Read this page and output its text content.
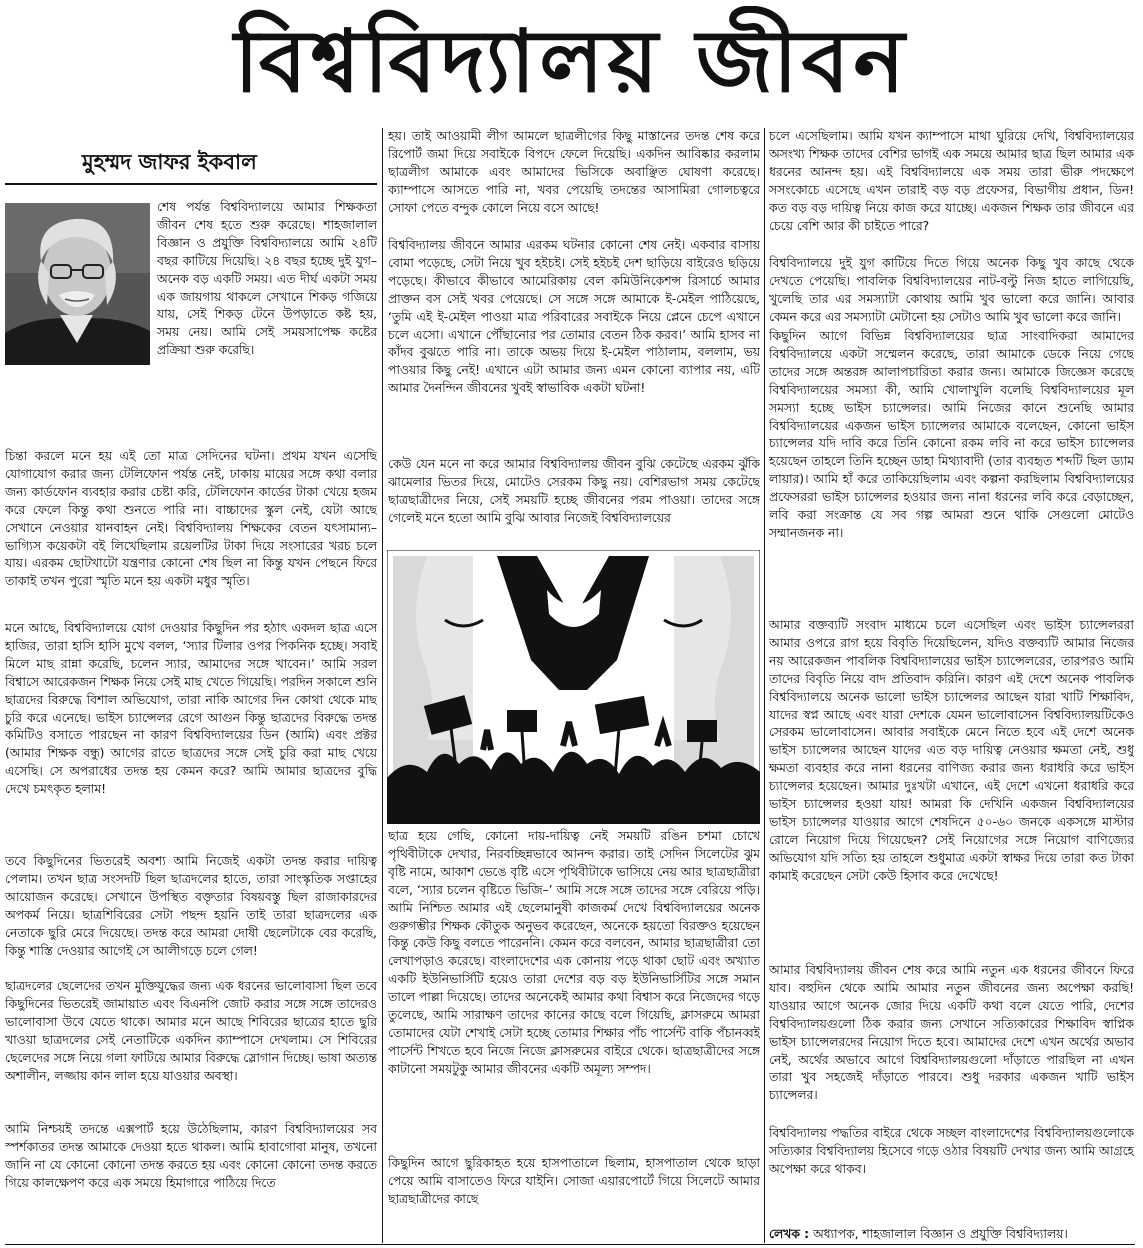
বিশ্ববিদ্যালয় জীবন
মুহম্মদ জাফর ইকবাল
শেষ পর্যন্ত বিশ্ববিদ্যালয়ে আমার শিক্ষকতা জীবন শেষ হতে শুরু করেছে। শাহজালাল বিজ্ঞান ও প্রযুক্তি বিশ্ববিদ্যালয়ে আমি ২৪টি বছর কাটিয়ে দিয়েছি। ২৪ বছর হচ্ছে দুই যুগ– অনেক বড় একটি সময়। এত দীর্ঘ একটা সময় এক জায়গায় থাকলে সেখানে শিকড় গজিয়ে যায়, সেই শিকড় টেনে উপড়াতে কষ্ট হয়, সময় নেয়। আমি সেই সময়সাপেক্ষ কষ্টের প্রক্রিয়া শুরু করেছি।
চিন্তা করলে মনে হয় এই তো মাত্র সেদিনের ঘটনা। প্রথম যখন এসেছি যোগাযোগ করার জন্য টেলিফোন পর্যন্ত নেই, ঢাকায় মায়ের সঙ্গে কথা বলার জন্য কার্ডফোন ব্যবহার করার চেষ্টা করি, টেলিফোন কার্ডের টাকা খেয়ে হজম করে ফেলে কিন্তু কথা শুনতে পারি না। বাচ্চাদের স্কুল নেই, যেটা আছে সেখানে নেওয়ার যানবাহন নেই। বিশ্ববিদ্যালয় শিক্ষকের বেতন যৎসামান্য– ভাগ্যিস কয়েকটা বই লিখেছিলাম রয়েলটির টাকা দিয়ে সংসারের খরচ চলে যায়। এরকম ছোটখাটো যন্ত্রণার কোনো শেষ ছিল না কিন্তু যখন পেছনে ফিরে তাকাই তখন পুরো স্মৃতি মনে হয় একটা মধুর স্মৃতি।
মনে আছে, বিশ্ববিদ্যালয়ে যোগ দেওয়ার কিছুদিন পর হঠাৎ একদল ছাত্র এসে হাজির, তারা হাসি হাসি মুখে বলল, ‘স্যার টিলার ওপর পিকনিক হচ্ছে। সবাই মিলে মাছ রান্না করেছি, চলেন স্যার, আমাদের সঙ্গে খাবেন।’ আমি সরল বিশ্বাসে আরেকজন শিক্ষক নিয়ে সেই মাছ খেতে গিয়েছি। পরদিন সকালে শুনি ছাত্রদের বিরুদ্ধে বিশাল অভিযোগ, তারা নাকি আগের দিন কোথা থেকে মাছ চুরি করে এনেছে। ভাইস চ্যান্সেলর রেগে আগুন কিন্তু ছাত্রদের বিরুদ্ধে তদন্ত কমিটিও বসাতে পারছেন না কারণ বিশ্ববিদ্যালয়ের ডিন (আমি) এবং প্রক্টর (আমার শিক্ষক বন্ধু) আগের রাতে ছাত্রদের সঙ্গে সেই চুরি করা মাছ খেয়ে এসেছি। সে অপরাধের তদন্ত হয় কেমন করে? আমি আমার ছাত্রদের বুদ্ধি দেখে চমৎকৃত হলাম!
তবে কিছুদিনের ভিতরেই অবশ্য আমি নিজেই একটা তদন্ত করার দায়িত্ব পেলাম। তখন ছাত্র সংসদটি ছিল ছাত্রদলের হাতে, তারা সাংস্কৃতিক সপ্তাহের আয়োজন করেছে। সেখানে উপস্থিত বক্তৃতার বিষয়বস্তু ছিল রাজাকারদের অপকর্ম নিয়ে। ছাত্রশিবিরের সেটা পছন্দ হয়নি তাই তারা ছাত্রদলের এক নেতাকে ছুরি মেরে দিয়েছে। তদন্ত করে আমরা দোষী ছেলেটাকে বের করেছি, কিন্তু শাস্তি দেওয়ার আগেই সে আলীগড়ে চলে গেল!
ছাত্রদলের ছেলেদের তখন মুক্তিযুদ্ধের জন্য এক ধরনের ভালোবাসা ছিল তবে কিছুদিনের ভিতরেই জামায়াত এবং বিএনপি জোট করার সঙ্গে সঙ্গে তাদেরও ভালোবাসা উবে যেতে থাকে। আমার মনে আছে শিবিরের ছাত্রের হাতে ছুরি খাওয়া ছাত্রদলের সেই নেতাটিকে একদিন ক্যাম্পাসে দেখলাম। সে শিবিরের ছেলেদের সঙ্গে নিয়ে গলা ফাটিয়ে আমার বিরুদ্ধে স্লোগান দিচ্ছে। ভাষা অত্যন্ত অশালীন, লজ্জায় কান লাল হয়ে যাওয়ার অবস্থা।
আমি নিশ্চয়ই তদন্তে এক্সপার্ট হয়ে উঠেছিলাম, কারণ বিশ্ববিদ্যালয়ের সব স্পর্শকাতর তদন্ত আমাকে দেওয়া হতে থাকল। আমি হাবাগোবা মানুষ, তখনো জানি না যে কোনো কোনো তদন্ত করতে হয় এবং কোনো কোনো তদন্ত করতে গিয়ে কালক্ষেপণ করে এক সময়ে হিমাগারে পাঠিয়ে দিতে
হয়। তাই আওয়ামী লীগ আমলে ছাত্রলীগের কিছু মাস্তানের তদন্ত শেষ করে রিপোর্ট জমা দিয়ে সবাইকে বিপদে ফেলে দিয়েছি। একদিন আবিষ্কার করলাম ছাত্রলীগ আমাকে এবং আমাদের ভিসিকে অবাঞ্ছিত ঘোষণা করেছে। ক্যাম্পাসে আসতে পারি না, খবর পেয়েছি তদন্তের আসামিরা গোলচত্বরে সোফা পেতে বন্দুক কোলে নিয়ে বসে আছে!
বিশ্ববিদ্যালয় জীবনে আমার এরকম ঘটনার কোনো শেষ নেই। একবার বাসায় বোমা পড়েছে, সেটা নিয়ে খুব হইচই। সেই হইচই দেশ ছাড়িয়ে বাইরেও ছড়িয়ে পড়েছে। কীভাবে কীভাবে আমেরিকায় বেল কমিউনিকেশন্স রিসার্চে আমার প্রাক্তন বস সেই খবর পেয়েছে। সে সঙ্গে সঙ্গে আমাকে ই-মেইল পাঠিয়েছে, ‘তুমি এই ই-মেইল পাওয়া মাত্র পরিবারের সবাইকে নিয়ে প্লেনে চেপে এখানে চলে এসো। এখানে পৌঁছানোর পর তোমার বেতন ঠিক করব।’ আমি হাসব না কাঁদব বুঝতে পারি না। তাকে অভয় দিয়ে ই-মেইল পাঠালাম, বললাম, ভয় পাওয়ার কিছু নেই! এখানে এটা আমার জন্য এমন কোনো ব্যাপার নয়, এটি আমার দৈনন্দিন জীবনের খুবই স্বাভাবিক একটা ঘটনা!
কেউ যেন মনে না করে আমার বিশ্ববিদ্যালয় জীবন বুঝি কেটেছে এরকম ঝুঁকি ঝামেলার ভিতর দিয়ে, মোটেও সেরকম কিছু নয়। বেশিরভাগ সময় কেটেছে ছাত্রছাত্রীদের নিয়ে, সেই সময়টি হচ্ছে জীবনের পরম পাওয়া। তাদের সঙ্গে গেলেই মনে হতো আমি বুঝি আবার নিজেই বিশ্ববিদ্যালয়ের
ছাত্র হয়ে গেছি, কোনো দায়-দায়িত্ব নেই সময়টি রঙিন চশমা চোখে পৃথিবীটাকে দেখার, নিরবচ্ছিন্নভাবে আনন্দ করার। তাই সেদিন সিলেটের ঝুম বৃষ্টি নামে, আকাশ ভেঙে বৃষ্টি এসে পৃথিবীটাকে ভাসিয়ে নেয় আর ছাত্রছাত্রীরা বলে, ‘স্যার চলেন বৃষ্টিতে ভিজি–’ আমি সঙ্গে সঙ্গে তাদের সঙ্গে বেরিয়ে পড়ি। আমি নিশ্চিত আমার এই ছেলেমানুষী কাজকর্ম দেখে বিশ্ববিদ্যালয়ের অনেক গুরুগম্ভীর শিক্ষক কৌতুক অনুভব করেছেন, অনেকে হয়তো বিরক্তও হয়েছেন কিন্তু কেউ কিছু বলতে পারেননি। কেমন করে বলবেন, আমার ছাত্রছাত্রীরা তো লেখাপড়াও করেছে। বাংলাদেশের এক কোনায় পড়ে থাকা ছোট এবং অখ্যাত একটি ইউনিভার্সিটি হয়েও তারা দেশের বড় বড় ইউনিভার্সিটির সঙ্গে সমান তালে পাল্লা দিয়েছে। তাদের অনেকেই আমার কথা বিশ্বাস করে নিজেদের গড়ে তুলেছে, আমি সারাক্ষণ তাদের কানের কাছে বলে গিয়েছি, ক্লাসরুমে আমরা তোমাদের যেটা শেখাই সেটা হচ্ছে তোমার শিক্ষার পাঁচ পার্সেন্ট বাকি পঁচানব্বই পার্সেন্ট শিখতে হবে নিজে নিজে ক্লাসরুমের বাইরে থেকে। ছাত্রছাত্রীদের সঙ্গে কাটানো সময়টুকু আমার জীবনের একটি অমূল্য সম্পদ।
কিছুদিন আগে ছুরিকাহত হয়ে হাসপাতালে ছিলাম, হাসপাতাল থেকে ছাড়া পেয়ে আমি বাসাতেও ফিরে যাইনি। সোজা এয়ারপোর্টে গিয়ে সিলেটে আমার ছাত্রছাত্রীদের কাছে
চলে এসেছিলাম। আমি যখন ক্যাম্পাসে মাথা ঘুরিয়ে দেখি, বিশ্ববিদ্যালয়ের অসংখ্য শিক্ষক তাদের বেশির ভাগই এক সময়ে আমার ছাত্র ছিল আমার এক ধরনের আনন্দ হয়। এই বিশ্ববিদ্যালয়ে এক সময় তারা ভীরু পদক্ষেপে সসংকোচে এসেছে এখন তারাই বড় বড় প্রফেসর, বিভাগীয় প্রধান, ডিন! কত বড় বড় দায়িত্ব নিয়ে কাজ করে যাচ্ছে। একজন শিক্ষক তার জীবনে এর চেয়ে বেশি আর কী চাইতে পারে?
বিশ্ববিদ্যালয়ে দুই যুগ কাটিয়ে দিতে গিয়ে অনেক কিছু খুব কাছে থেকে দেখতে পেয়েছি। পাবলিক বিশ্ববিদ্যালয়ের নাট-বল্টু নিজ হাতে লাগিয়েছি, খুলেছি তার এর সমস্যাটা কোথায় আমি খুব ভালো করে জানি। আবার কেমন করে এর সমস্যাটা মেটানো হয় সেটাও আমি খুব ভালো করে জানি।
কিছুদিন আগে বিভিন্ন বিশ্ববিদ্যালয়ের ছাত্র সাংবাদিকরা আমাদের বিশ্ববিদ্যালয়ে একটা সম্মেলন করেছে, তারা আমাকে ডেকে নিয়ে গেছে তাদের সঙ্গে অন্তরঙ্গ আলাপচারিতা করার জন্য। আমাকে জিজ্ঞেস করেছে বিশ্ববিদ্যালয়ের সমস্যা কী, আমি খোলাখুলি বলেছি বিশ্ববিদ্যালয়ের মূল সমস্যা হচ্ছে ভাইস চ্যান্সেলর। আমি নিজের কানে শুনেছি আমার বিশ্ববিদ্যালয়ের একজন ভাইস চ্যান্সেলর আমাকে বলেছেন, কোনো ভাইস চ্যান্সেলর যদি দাবি করে তিনি কোনো রকম লবি না করে ভাইস চ্যান্সেলর হয়েছেন তাহলে তিনি হচ্ছেন ডাহা মিথ্যাবাদী (তার ব্যবহৃত শব্দটি ছিল ড্যাম লায়ার)। আমি হাঁ করে তাকিয়েছিলাম এবং কল্পনা করছিলাম বিশ্ববিদ্যালয়ের প্রফেসররা ভাইস চ্যান্সেলর হওয়ার জন্য নানা ধরনের লবি করে বেড়াচ্ছেন, লবি করা সংক্রান্ত যে সব গল্প আমরা শুনে থাকি সেগুলো মোটেও সম্মানজনক না।
আমার বক্তব্যটি সংবাদ মাধ্যমে চলে এসেছিল এবং ভাইস চ্যান্সেলররা আমার ওপরে রাগ হয়ে বিবৃতি দিয়েছিলেন, যদিও বক্তব্যটি আমার নিজের নয় আরেকজন পাবলিক বিশ্ববিদ্যালয়ের ভাইস চ্যান্সেলরের, তারপরও আমি তাদের বিবৃতি নিয়ে বাদ প্রতিবাদ করিনি। কারণ এই দেশে অনেক পাবলিক বিশ্ববিদ্যালয়ে অনেক ভালো ভাইস চ্যান্সেলর আছেন যারা খাটি শিক্ষাবিদ, যাদের স্বপ্ন আছে এবং যারা দেশকে যেমন ভালোবাসেন বিশ্ববিদ্যালয়টিকেও সেরকম ভালোবাসেন। আবার সবাইকে মেনে নিতে হবে এই দেশে অনেক ভাইস চ্যান্সেলর আছেন যাদের এত বড় দায়িত্ব নেওয়ার ক্ষমতা নেই, শুধু ক্ষমতা ব্যবহার করে নানা ধরনের বাণিজ্য করার জন্য ধরাধরি করে ভাইস চ্যান্সেলর হয়েছেন। আমার দুঃখটা এখানে, এই দেশে এখনো ধরাধরি করে ভাইস চ্যান্সেলর হওয়া যায়! আমরা কি দেখিনি একজন বিশ্ববিদ্যালয়ের ভাইস চ্যান্সেলর যাওয়ার আগে শেষদিনে ৫০-৬০ জনকে একসঙ্গে মাস্টার রোলে নিয়োগ দিয়ে গিয়েছেন? সেই নিয়োগের সঙ্গে নিয়োগ বাণিজ্যের অভিযোগ যদি সত্যি হয় তাহলে শুধুমাত্র একটা স্বাক্ষর দিয়ে তারা কত টাকা কামাই করেছেন সেটা কেউ হিসাব করে দেখেছে!
আমার বিশ্ববিদ্যালয় জীবন শেষ করে আমি নতুন এক ধরনের জীবনে ফিরে যাব। বহুদিন থেকে আমি আমার নতুন জীবনের জন্য অপেক্ষা করছি! যাওয়ার আগে অনেক জোর দিয়ে একটি কথা বলে যেতে পারি, দেশের বিশ্ববিদ্যালয়গুলো ঠিক করার জন্য সেখানে সত্যিকারের শিক্ষাবিদ স্বাপ্নিক ভাইস চ্যান্সেলরদের নিয়োগ দিতে হবে। আমাদের দেশে এখন অর্থের অভাব নেই, অর্থের অভাবে আগে বিশ্ববিদ্যালয়গুলো দাঁড়াতে পারছিল না এখন তারা খুব সহজেই দাঁড়াতে পারবে। শুধু দরকার একজন খাটি ভাইস চ্যান্সেলর।
বিশ্ববিদ্যালয় পদ্ধতির বাইরে থেকে সচ্ছল বাংলাদেশের বিশ্ববিদ্যালয়গুলোকে সত্যিকার বিশ্ববিদ্যালয় হিসেবে গড়ে ওঠার বিষয়টি দেখার জন্য আমি আগ্রহে অপেক্ষা করে থাকব।
লেখক : অধ্যাপক, শাহজালাল বিজ্ঞান ও প্রযুক্তি বিশ্ববিদ্যালয়।
